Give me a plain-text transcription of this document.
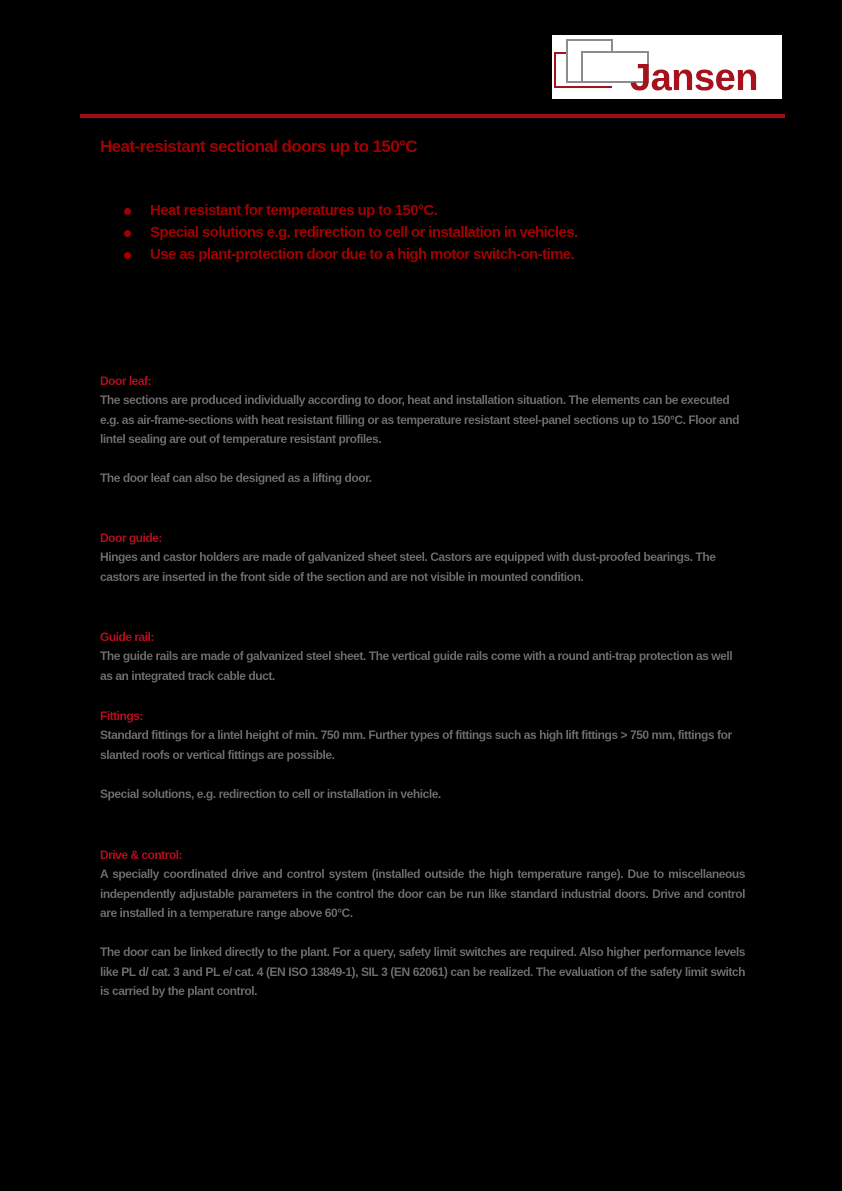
Jansen
Heat-resistant sectional doors up to 150°C
Heat resistant for temperatures up to 150°C.
Special solutions e.g. redirection to cell or installation in vehicles.
Use as plant-protection door due to a high motor switch-on-time.
Door leaf:

The sections are produced individually according to door, heat and installation situation. The elements can be executed e.g. as air-frame-sections with heat resistant filling or as temperature resistant steel-panel sections up to 150°C. Floor and lintel sealing are out of temperature resistant profiles.

The door leaf can also be designed as a lifting door.

Door guide:

Hinges and castor holders are made of galvanized sheet steel. Castors are equipped with dust-proofed bearings. The castors are inserted in the front side of the section and are not visible in mounted condition.

Guide rail:

The guide rails are made of galvanized steel sheet. The vertical guide rails come with a round anti-trap protection as well as an integrated track cable duct.

Fittings:

Standard fittings for a lintel height of min. 750 mm. Further types of fittings such as high lift fittings > 750 mm, fittings for slanted roofs or vertical fittings are possible.

Special solutions, e.g. redirection to cell or installation in vehicle.

Drive & control:

A specially coordinated drive and control system (installed outside the high temperature range). Due to miscellaneous independently adjustable parameters in the control the door can be run like standard industrial doors. Drive and control are installed in a temperature range above 60°C.

The door can be linked directly to the plant. For a query, safety limit switches are required. Also higher performance levels like PL d/ cat. 3 and PL e/ cat. 4 (EN ISO 13849-1), SIL 3 (EN 62061) can be realized. The evaluation of the safety limit switch is carried by the plant control.
